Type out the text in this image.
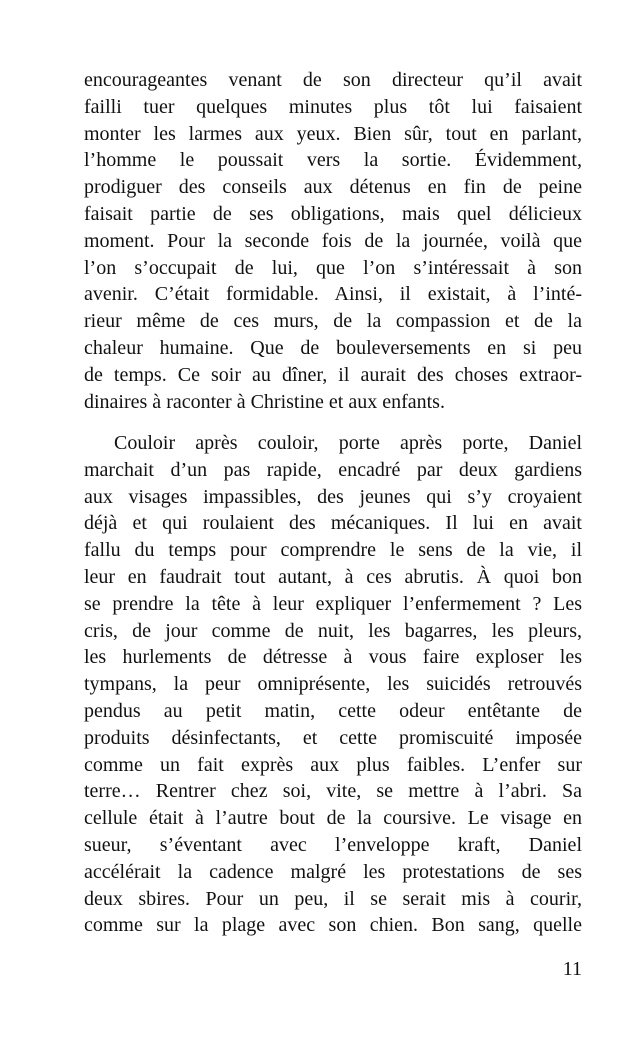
encourageantes venant de son directeur qu’il avait
failli tuer quelques minutes plus tôt lui faisaient
monter les larmes aux yeux. Bien sûr, tout en parlant,
l’homme le poussait vers la sortie. Évidemment,
prodiguer des conseils aux détenus en fin de peine
faisait partie de ses obligations, mais quel délicieux
moment. Pour la seconde fois de la journée, voilà que
l’on s’occupait de lui, que l’on s’intéressait à son
avenir. C’était formidable. Ainsi, il existait, à l’inté-
rieur même de ces murs, de la compassion et de la
chaleur humaine. Que de bouleversements en si peu
de temps. Ce soir au dîner, il aurait des choses extraor-
dinaires à raconter à Christine et aux enfants.
Couloir après couloir, porte après porte, Daniel
marchait d’un pas rapide, encadré par deux gardiens
aux visages impassibles, des jeunes qui s’y croyaient
déjà et qui roulaient des mécaniques. Il lui en avait
fallu du temps pour comprendre le sens de la vie, il
leur en faudrait tout autant, à ces abrutis. À quoi bon
se prendre la tête à leur expliquer l’enfermement ? Les
cris, de jour comme de nuit, les bagarres, les pleurs,
les hurlements de détresse à vous faire exploser les
tympans, la peur omniprésente, les suicidés retrouvés
pendus au petit matin, cette odeur entêtante de
produits désinfectants, et cette promiscuité imposée
comme un fait exprès aux plus faibles. L’enfer sur
terre… Rentrer chez soi, vite, se mettre à l’abri. Sa
cellule était à l’autre bout de la coursive. Le visage en
sueur, s’éventant avec l’enveloppe kraft, Daniel
accélérait la cadence malgré les protestations de ses
deux sbires. Pour un peu, il se serait mis à courir,
comme sur la plage avec son chien. Bon sang, quelle
11
